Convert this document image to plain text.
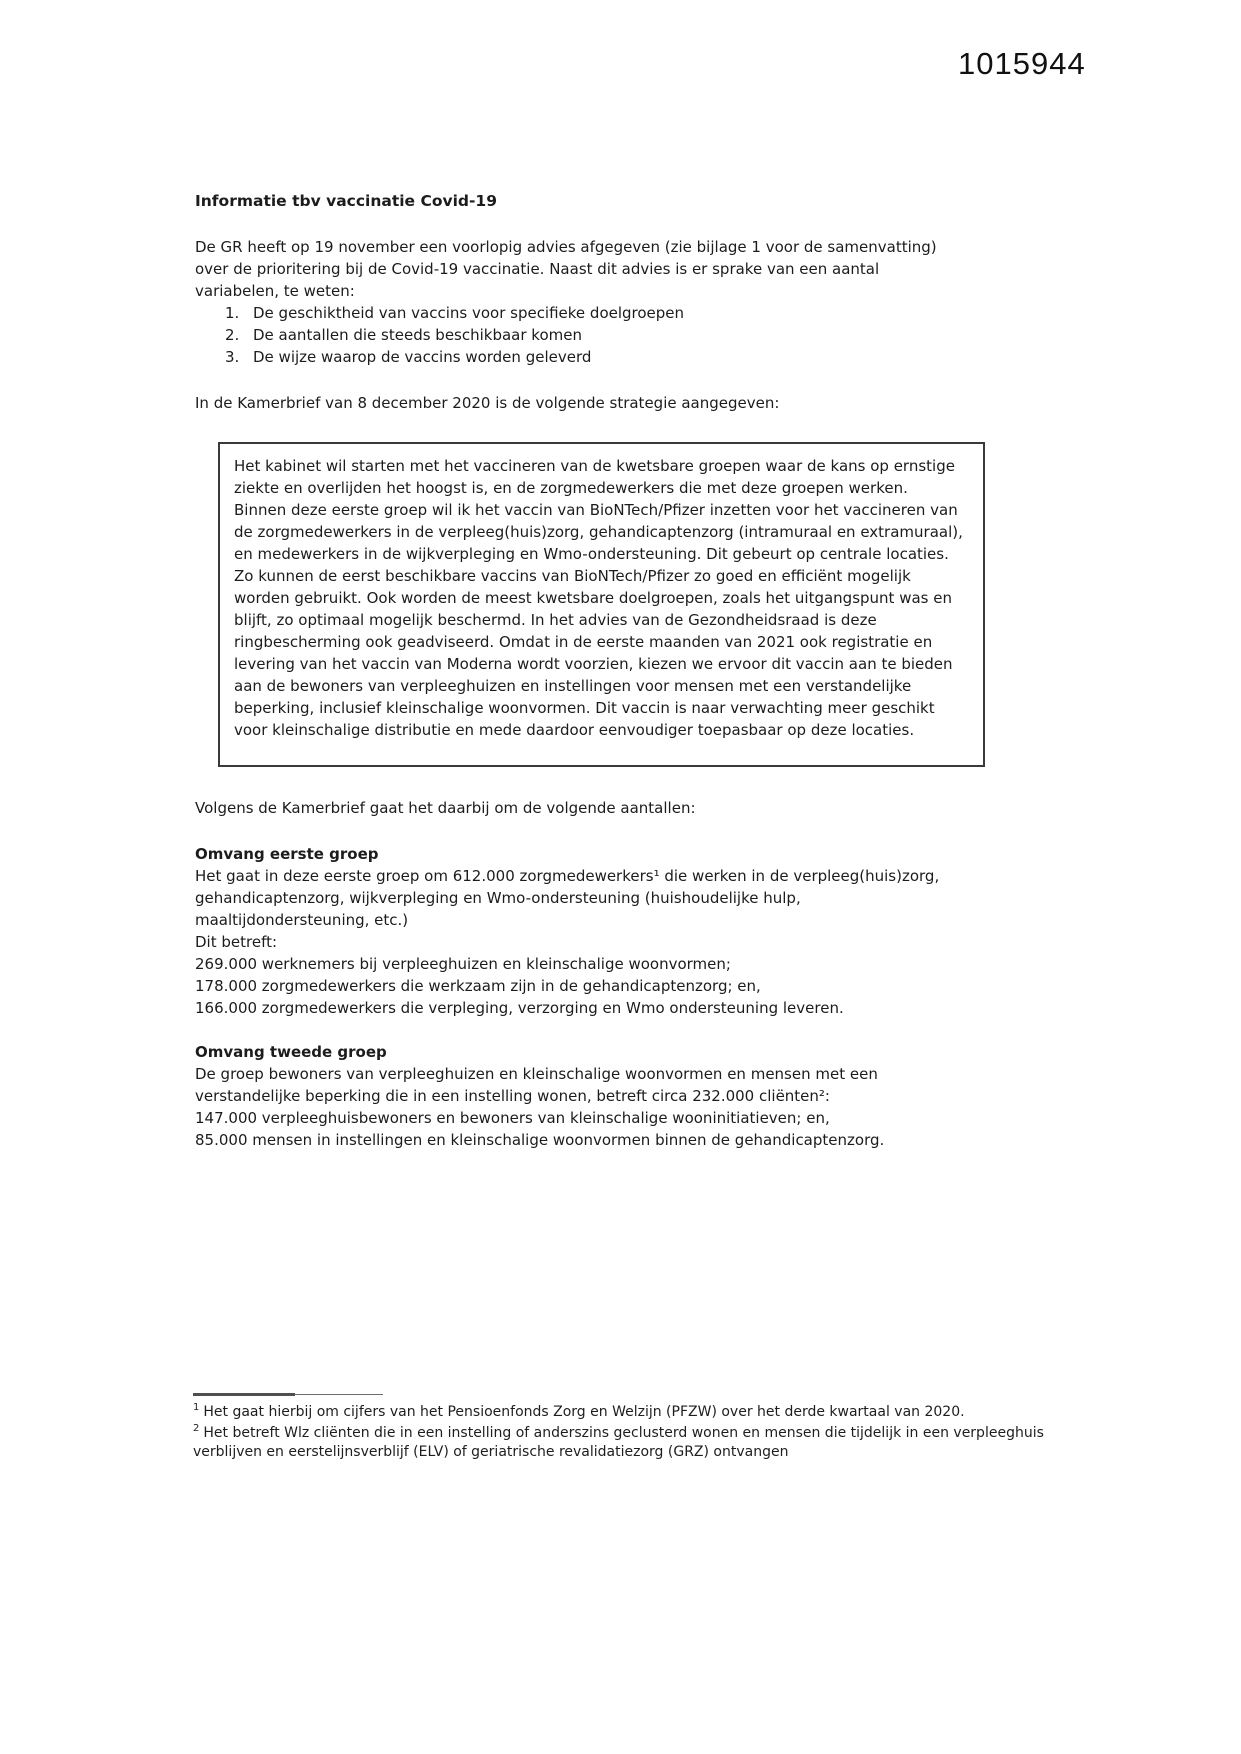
1015944

Informatie tbv vaccinatie Covid-19

De GR heeft op 19 november een voorlopig advies afgegeven (zie bijlage 1 voor de samenvatting) over de prioritering bij de Covid-19 vaccinatie. Naast dit advies is er sprake van een aantal variabelen, te weten:

1. De geschiktheid van vaccins voor specifieke doelgroepen
2. De aantallen die steeds beschikbaar komen
3. De wijze waarop de vaccins worden geleverd

In de Kamerbrief van 8 december 2020 is de volgende strategie aangegeven:

Het kabinet wil starten met het vaccineren van de kwetsbare groepen waar de kans op ernstige ziekte en overlijden het hoogst is, en de zorgmedewerkers die met deze groepen werken. Binnen deze eerste groep wil ik het vaccin van BioNTech/Pfizer inzetten voor het vaccineren van de zorgmedewerkers in de verpleeg(huis)zorg, gehandicaptenzorg (intramuraal en extramuraal), en medewerkers in de wijkverpleging en Wmo-ondersteuning. Dit gebeurt op centrale locaties. Zo kunnen de eerst beschikbare vaccins van BioNTech/Pfizer zo goed en efficiënt mogelijk worden gebruikt. Ook worden de meest kwetsbare doelgroepen, zoals het uitgangspunt was en blijft, zo optimaal mogelijk beschermd. In het advies van de Gezondheidsraad is deze ringbescherming ook geadviseerd. Omdat in de eerste maanden van 2021 ook registratie en levering van het vaccin van Moderna wordt voorzien, kiezen we ervoor dit vaccin aan te bieden aan de bewoners van verpleeghuizen en instellingen voor mensen met een verstandelijke beperking, inclusief kleinschalige woonvormen. Dit vaccin is naar verwachting meer geschikt voor kleinschalige distributie en mede daardoor eenvoudiger toepasbaar op deze locaties.

Volgens de Kamerbrief gaat het daarbij om de volgende aantallen:

Omvang eerste groep

Het gaat in deze eerste groep om 612.000 zorgmedewerkers¹ die werken in de verpleeg(huis)zorg, gehandicaptenzorg, wijkverpleging en Wmo-ondersteuning (huishoudelijke hulp, maaltijdondersteuning, etc.)

Dit betreft:

269.000 werknemers bij verpleeghuizen en kleinschalige woonvormen;

178.000 zorgmedewerkers die werkzaam zijn in de gehandicaptenzorg; en,

166.000 zorgmedewerkers die verpleging, verzorging en Wmo ondersteuning leveren.

Omvang tweede groep

De groep bewoners van verpleeghuizen en kleinschalige woonvormen en mensen met een verstandelijke beperking die in een instelling wonen, betreft circa 232.000 cliënten²:

147.000 verpleeghuisbewoners en bewoners van kleinschalige wooninitiatieven; en,

85.000 mensen in instellingen en kleinschalige woonvormen binnen de gehandicaptenzorg.

$^1$ Het gaat hierbij om cijfers van het Pensioenfonds Zorg en Welzijn (PFZW) over het derde kwartaal van 2020.

$^2$ Het betreft Wlz cliënten die in een instelling of anderszins geclusterd wonen en mensen die tijdelijk in een verpleeghuis verblijven en eerstelijnsverblijf (ELV) of geriatrische revalidatiezorg (GRZ) ontvangen
